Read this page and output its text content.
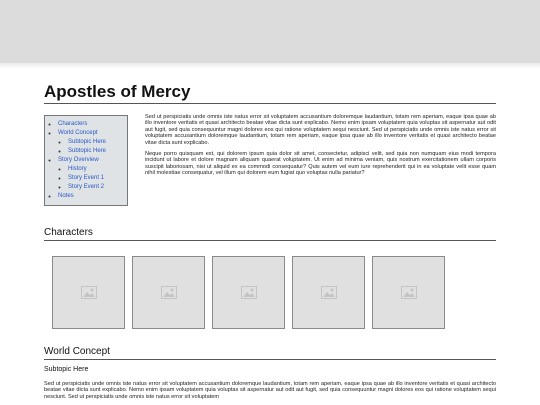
Apostles of Mercy
◦ Characters
◦ World Concept
◦ Subtopic Here
◦ Subtopic Here
◦ Story Overview
◦ History
◦ Story Event 1
◦ Story Event 2
◦ Notes

Sed ut perspiciatis unde omnis iste natus error sit voluptatem accusantium doloremque laudantium, totam rem aperiam, eaque ipsa quae ab illo inventore veritatis et quasi architecto beatae vitae dicta sunt explicabo. Nemo enim ipsam voluptatem quia voluptas sit aspernatur aut odit aut fugit, sed quia consequuntur magni dolores eos qui ratione voluptatem sequi nesciunt. Sed ut perspiciatis unde omnis iste natus error sit voluptatem accusantium doloremque laudantium, totam rem aperiam, eaque ipsa quae ab illo inventore veritatis et quasi architecto beatae vitae dicta sunt explicabo.

Neque porro quisquam est, qui dolorem ipsum quia dolor sit amet, consectetur, adipisci velit, sed quia non numquam eius modi tempora incidunt ut labore et dolore magnam aliquam quaerat voluptatem. Ut enim ad minima veniam, quis nostrum exercitationem ullam corporis suscipit laboriosam, nisi ut aliquid ex ea commodi consequatur? Quis autem vel eum iure reprehenderit qui in ea voluptate velit esse quam nihil molestiae consequatur, vel illum qui dolorem eum fugiat quo voluptas nulla pariatur?

Characters
World Concept
Subtopic Here

Sed ut perspiciatis unde omnis iste natus error sit voluptatem accusantium doloremque laudantium, totam rem aperiam, eaque ipsa quae ab illo inventore veritatis et quasi architecto beatae vitae dicta sunt explicabo. Nemo enim ipsam voluptatem quia voluptas sit aspernatur aut odit aut fugit, sed quia consequuntur magni dolores eos qui ratione voluptatem sequi nesciunt. Sed ut perspiciatis unde omnis iste natus error sit voluptatem
